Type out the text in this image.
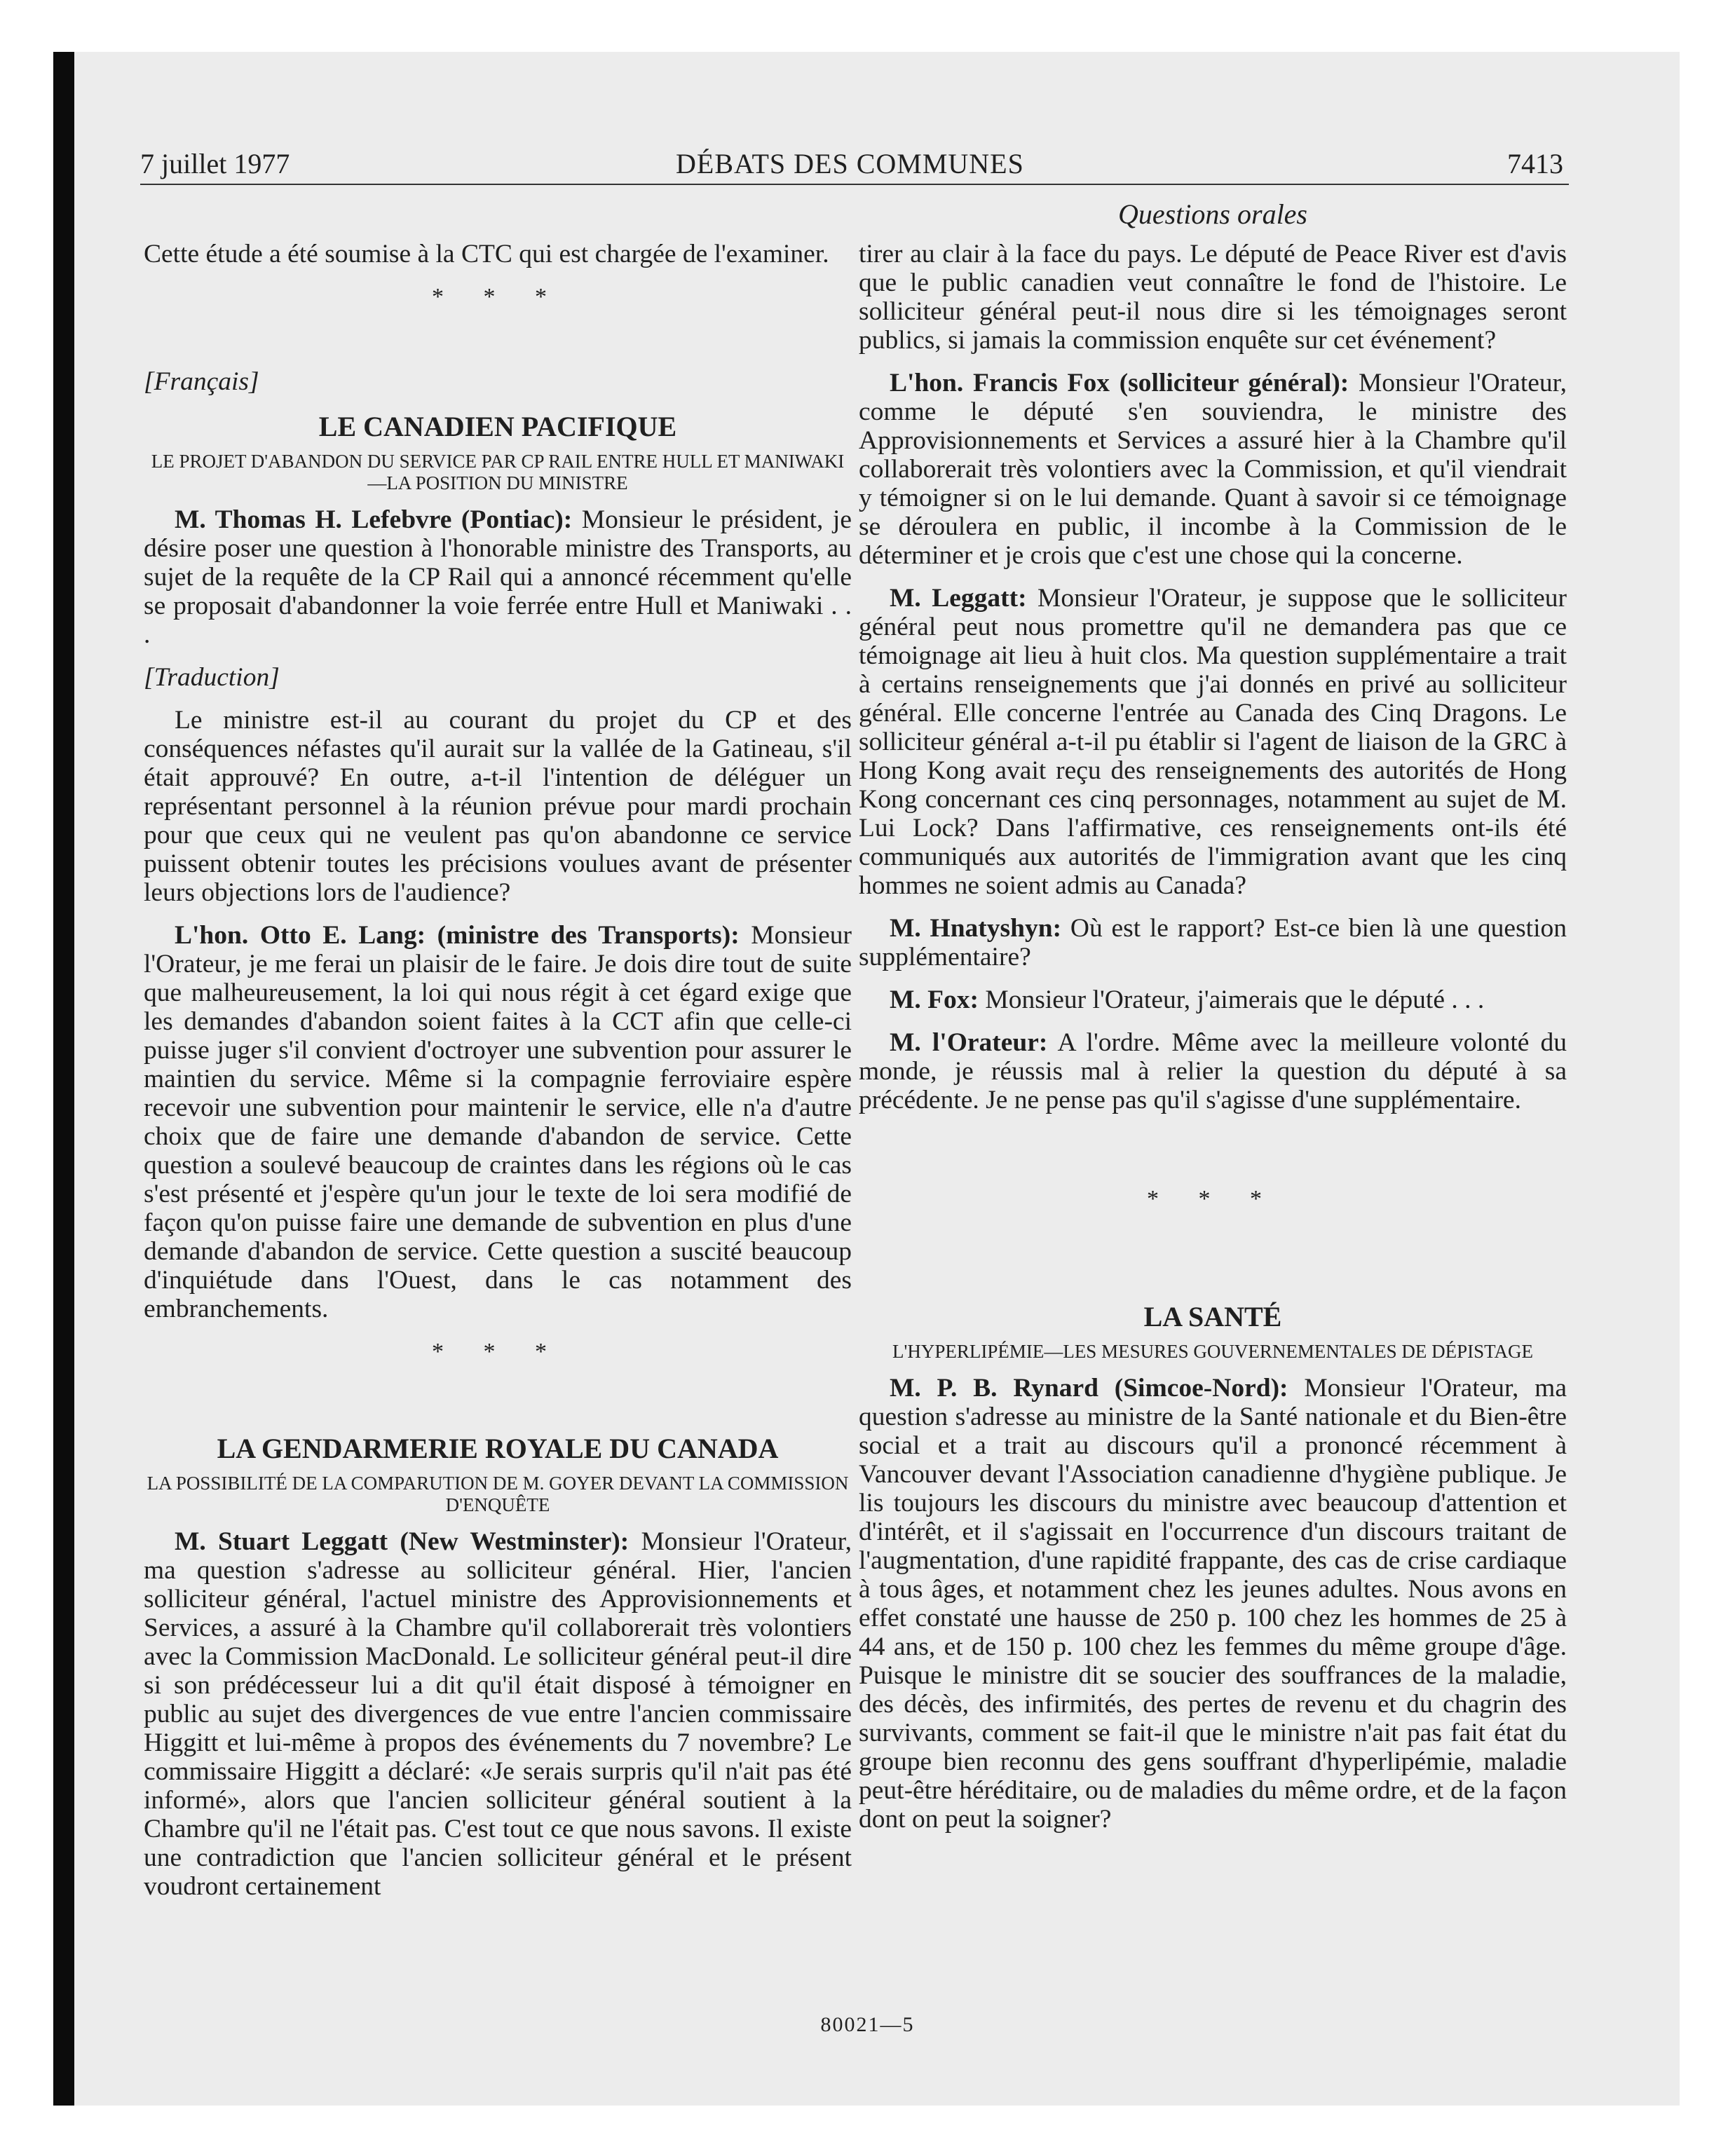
7 juillet 1977	DÉBATS DES COMMUNES	7413
Questions orales

Cette étude a été soumise à la CTC qui est chargée de l'examiner.

* * *

[Français]

LE CANADIEN PACIFIQUE
LE PROJET D'ABANDON DU SERVICE PAR CP RAIL ENTRE HULL ET MANIWAKI—LA POSITION DU MINISTRE

M. Thomas H. Lefebvre (Pontiac): Monsieur le président, je désire poser une question à l'honorable ministre des Transports, au sujet de la requête de la CP Rail qui a annoncé récemment qu'elle se proposait d'abandonner la voie ferrée entre Hull et Maniwaki . . .

[Traduction]

Le ministre est-il au courant du projet du CP et des conséquences néfastes qu'il aurait sur la vallée de la Gatineau, s'il était approuvé? En outre, a-t-il l'intention de déléguer un représentant personnel à la réunion prévue pour mardi prochain pour que ceux qui ne veulent pas qu'on abandonne ce service puissent obtenir toutes les précisions voulues avant de présenter leurs objections lors de l'audience?

L'hon. Otto E. Lang: (ministre des Transports): Monsieur l'Orateur, je me ferai un plaisir de le faire. Je dois dire tout de suite que malheureusement, la loi qui nous régit à cet égard exige que les demandes d'abandon soient faites à la CCT afin que celle-ci puisse juger s'il convient d'octroyer une subvention pour assurer le maintien du service. Même si la compagnie ferroviaire espère recevoir une subvention pour maintenir le service, elle n'a d'autre choix que de faire une demande d'abandon de service. Cette question a soulevé beaucoup de craintes dans les régions où le cas s'est présenté et j'espère qu'un jour le texte de loi sera modifié de façon qu'on puisse faire une demande de subvention en plus d'une demande d'abandon de service. Cette question a suscité beaucoup d'inquiétude dans l'Ouest, dans le cas notamment des embranchements.

* * *
LA GENDARMERIE ROYALE DU CANADA
LA POSSIBILITÉ DE LA COMPARUTION DE M. GOYER DEVANT LA COMMISSION D'ENQUÊTE

M. Stuart Leggatt (New Westminster): Monsieur l'Orateur, ma question s'adresse au solliciteur général. Hier, l'ancien solliciteur général, l'actuel ministre des Approvisionnements et Services, a assuré à la Chambre qu'il collaborerait très volontiers avec la Commission MacDonald. Le solliciteur général peut-il dire si son prédécesseur lui a dit qu'il était disposé à témoigner en public au sujet des divergences de vue entre l'ancien commissaire Higgitt et lui-même à propos des événements du 7 novembre? Le commissaire Higgitt a déclaré: «Je serais surpris qu'il n'ait pas été informé», alors que l'ancien solliciteur général soutient à la Chambre qu'il ne l'était pas. C'est tout ce que nous savons. Il existe une contradiction que l'ancien solliciteur général et le présent voudront certainement

tirer au clair à la face du pays. Le député de Peace River est d'avis que le public canadien veut connaître le fond de l'histoire. Le solliciteur général peut-il nous dire si les témoignages seront publics, si jamais la commission enquête sur cet événement?

L'hon. Francis Fox (solliciteur général): Monsieur l'Orateur, comme le député s'en souviendra, le ministre des Approvisionnements et Services a assuré hier à la Chambre qu'il collaborerait très volontiers avec la Commission, et qu'il viendrait y témoigner si on le lui demande. Quant à savoir si ce témoignage se déroulera en public, il incombe à la Commission de le déterminer et je crois que c'est une chose qui la concerne.

M. Leggatt: Monsieur l'Orateur, je suppose que le solliciteur général peut nous promettre qu'il ne demandera pas que ce témoignage ait lieu à huit clos. Ma question supplémentaire a trait à certains renseignements que j'ai donnés en privé au solliciteur général. Elle concerne l'entrée au Canada des Cinq Dragons. Le solliciteur général a-t-il pu établir si l'agent de liaison de la GRC à Hong Kong avait reçu des renseignements des autorités de Hong Kong concernant ces cinq personnages, notamment au sujet de M. Lui Lock? Dans l'affirmative, ces renseignements ont-ils été communiqués aux autorités de l'immigration avant que les cinq hommes ne soient admis au Canada?

M. Hnatyshyn: Où est le rapport? Est-ce bien là une question supplémentaire?

M. Fox: Monsieur l'Orateur, j'aimerais que le député . . .

M. l'Orateur: A l'ordre. Même avec la meilleure volonté du monde, je réussis mal à relier la question du député à sa précédente. Je ne pense pas qu'il s'agisse d'une supplémentaire.

* * *
LA SANTÉ
L'HYPERLIPÉMIE—LES MESURES GOUVERNEMENTALES DE DÉPISTAGE

M. P. B. Rynard (Simcoe-Nord): Monsieur l'Orateur, ma question s'adresse au ministre de la Santé nationale et du Bien-être social et a trait au discours qu'il a prononcé récemment à Vancouver devant l'Association canadienne d'hygiène publique. Je lis toujours les discours du ministre avec beaucoup d'attention et d'intérêt, et il s'agissait en l'occurrence d'un discours traitant de l'augmentation, d'une rapidité frappante, des cas de crise cardiaque à tous âges, et notamment chez les jeunes adultes. Nous avons en effet constaté une hausse de 250 p. 100 chez les hommes de 25 à 44 ans, et de 150 p. 100 chez les femmes du même groupe d'âge. Puisque le ministre dit se soucier des souffrances de la maladie, des décès, des infirmités, des pertes de revenu et du chagrin des survivants, comment se fait-il que le ministre n'ait pas fait état du groupe bien reconnu des gens souffrant d'hyperlipémie, maladie peut-être héréditaire, ou de maladies du même ordre, et de la façon dont on peut la soigner?

80021—5
